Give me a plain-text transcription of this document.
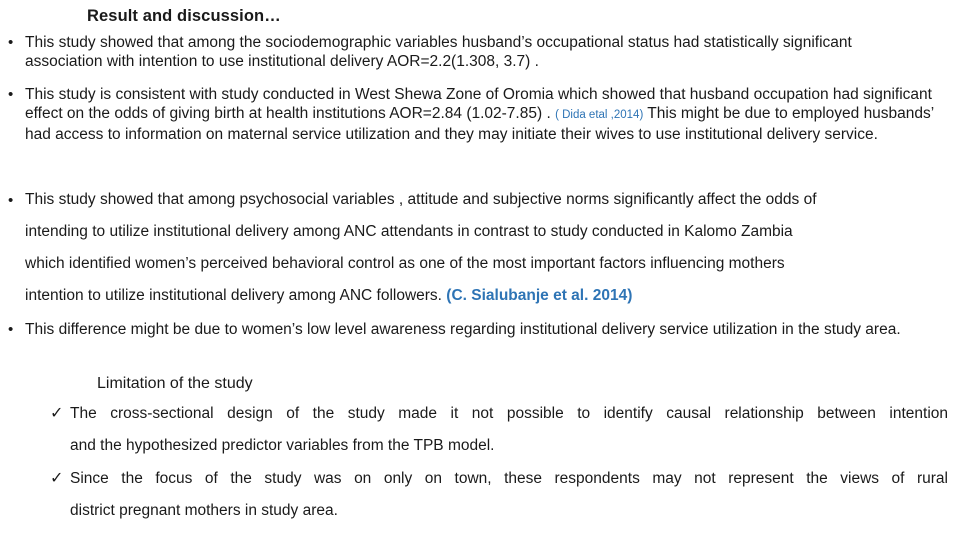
Result and discussion…
• This study showed that among the sociodemographic variables husband’s occupational status had statistically significant association with intention to use institutional delivery AOR=2.2(1.308, 3.7) .
• This study is consistent with study conducted in West Shewa Zone of Oromia which showed that husband occupation had significant effect on the odds of giving birth at health institutions AOR=2.84 (1.02-7.85) . ( Dida etal ,2014) This might be due to employed husbands’ had access to information on maternal service utilization and they may initiate their wives to use institutional delivery service.
• This study showed that among psychosocial variables , attitude and subjective norms significantly affect the odds of
intending to utilize institutional delivery among ANC attendants in contrast to study conducted in Kalomo Zambia
which identified women’s perceived behavioral control as one of the most important factors influencing mothers
intention to utilize institutional delivery among ANC followers. (C. Sialubanje et al. 2014)
• This difference might be due to women’s low level awareness regarding institutional delivery service utilization in the study area.
Limitation of the study
✓ The cross-sectional design of the study made it not possible to identify causal relationship between intention
and the hypothesized predictor variables from the TPB model.
✓ Since the focus of the study was on only on town, these respondents may not represent the views of rural
district pregnant mothers in study area.
